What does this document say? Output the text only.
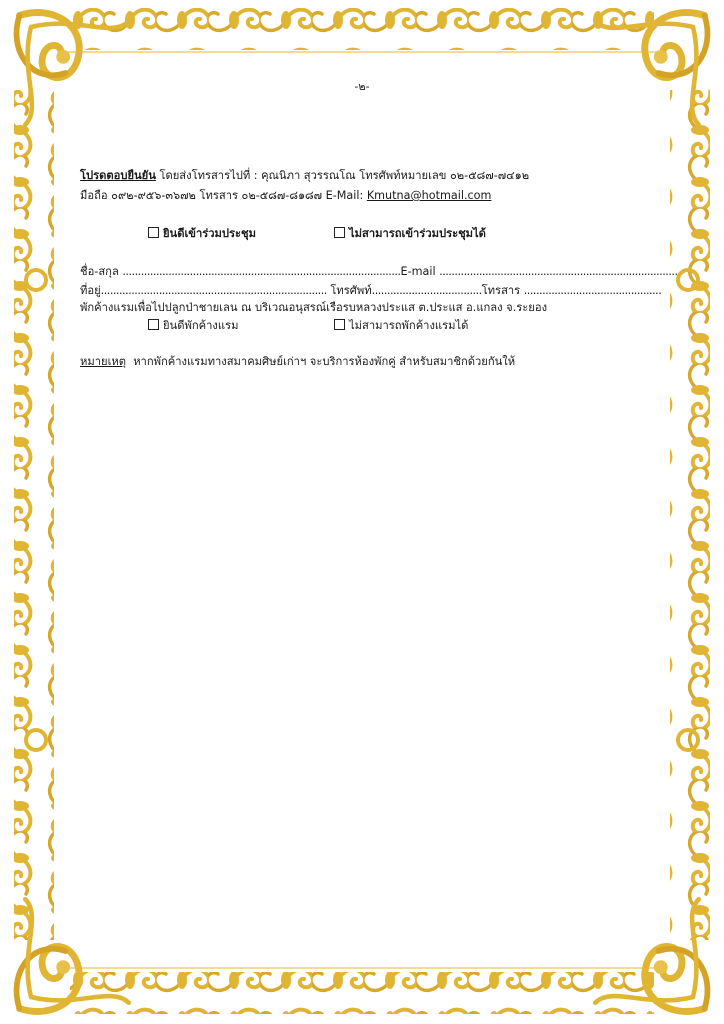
-๒-
โปรดตอบยืนยัน โดยส่งโทรสารไปที่ : คุณนิภา สุวรรณโณ โทรศัพท์หมายเลข ๐๒-๕๘๗-๗๔๑๒
มือถือ ๐๙๒-๙๕๖-๓๖๗๒ โทรสาร ๐๒-๕๘๗-๘๑๘๗ E-Mail: Kmutna@hotmail.com
ยินดีเข้าร่วมประชุม	ไม่สามารถเข้าร่วมประชุมได้
ชื่อ-สกุล ...........................................................................................E-mail ..............................................................................
ที่อยู่.......................................................................... โทรศัพท์....................................โทรสาร .............................................
พักค้างแรมเพื่อไปปลูกป่าชายเลน ณ บริเวณอนุสรณ์เรือรบหลวงประแส ต.ประแส อ.แกลง จ.ระยอง
ยินดีพักค้างแรม	ไม่สามารถพักค้างแรมได้
หมายเหตุ หากพักค้างแรมทางสมาคมศิษย์เก่าฯ จะบริการห้องพักคู่ สำหรับสมาชิกด้วยกันให้
